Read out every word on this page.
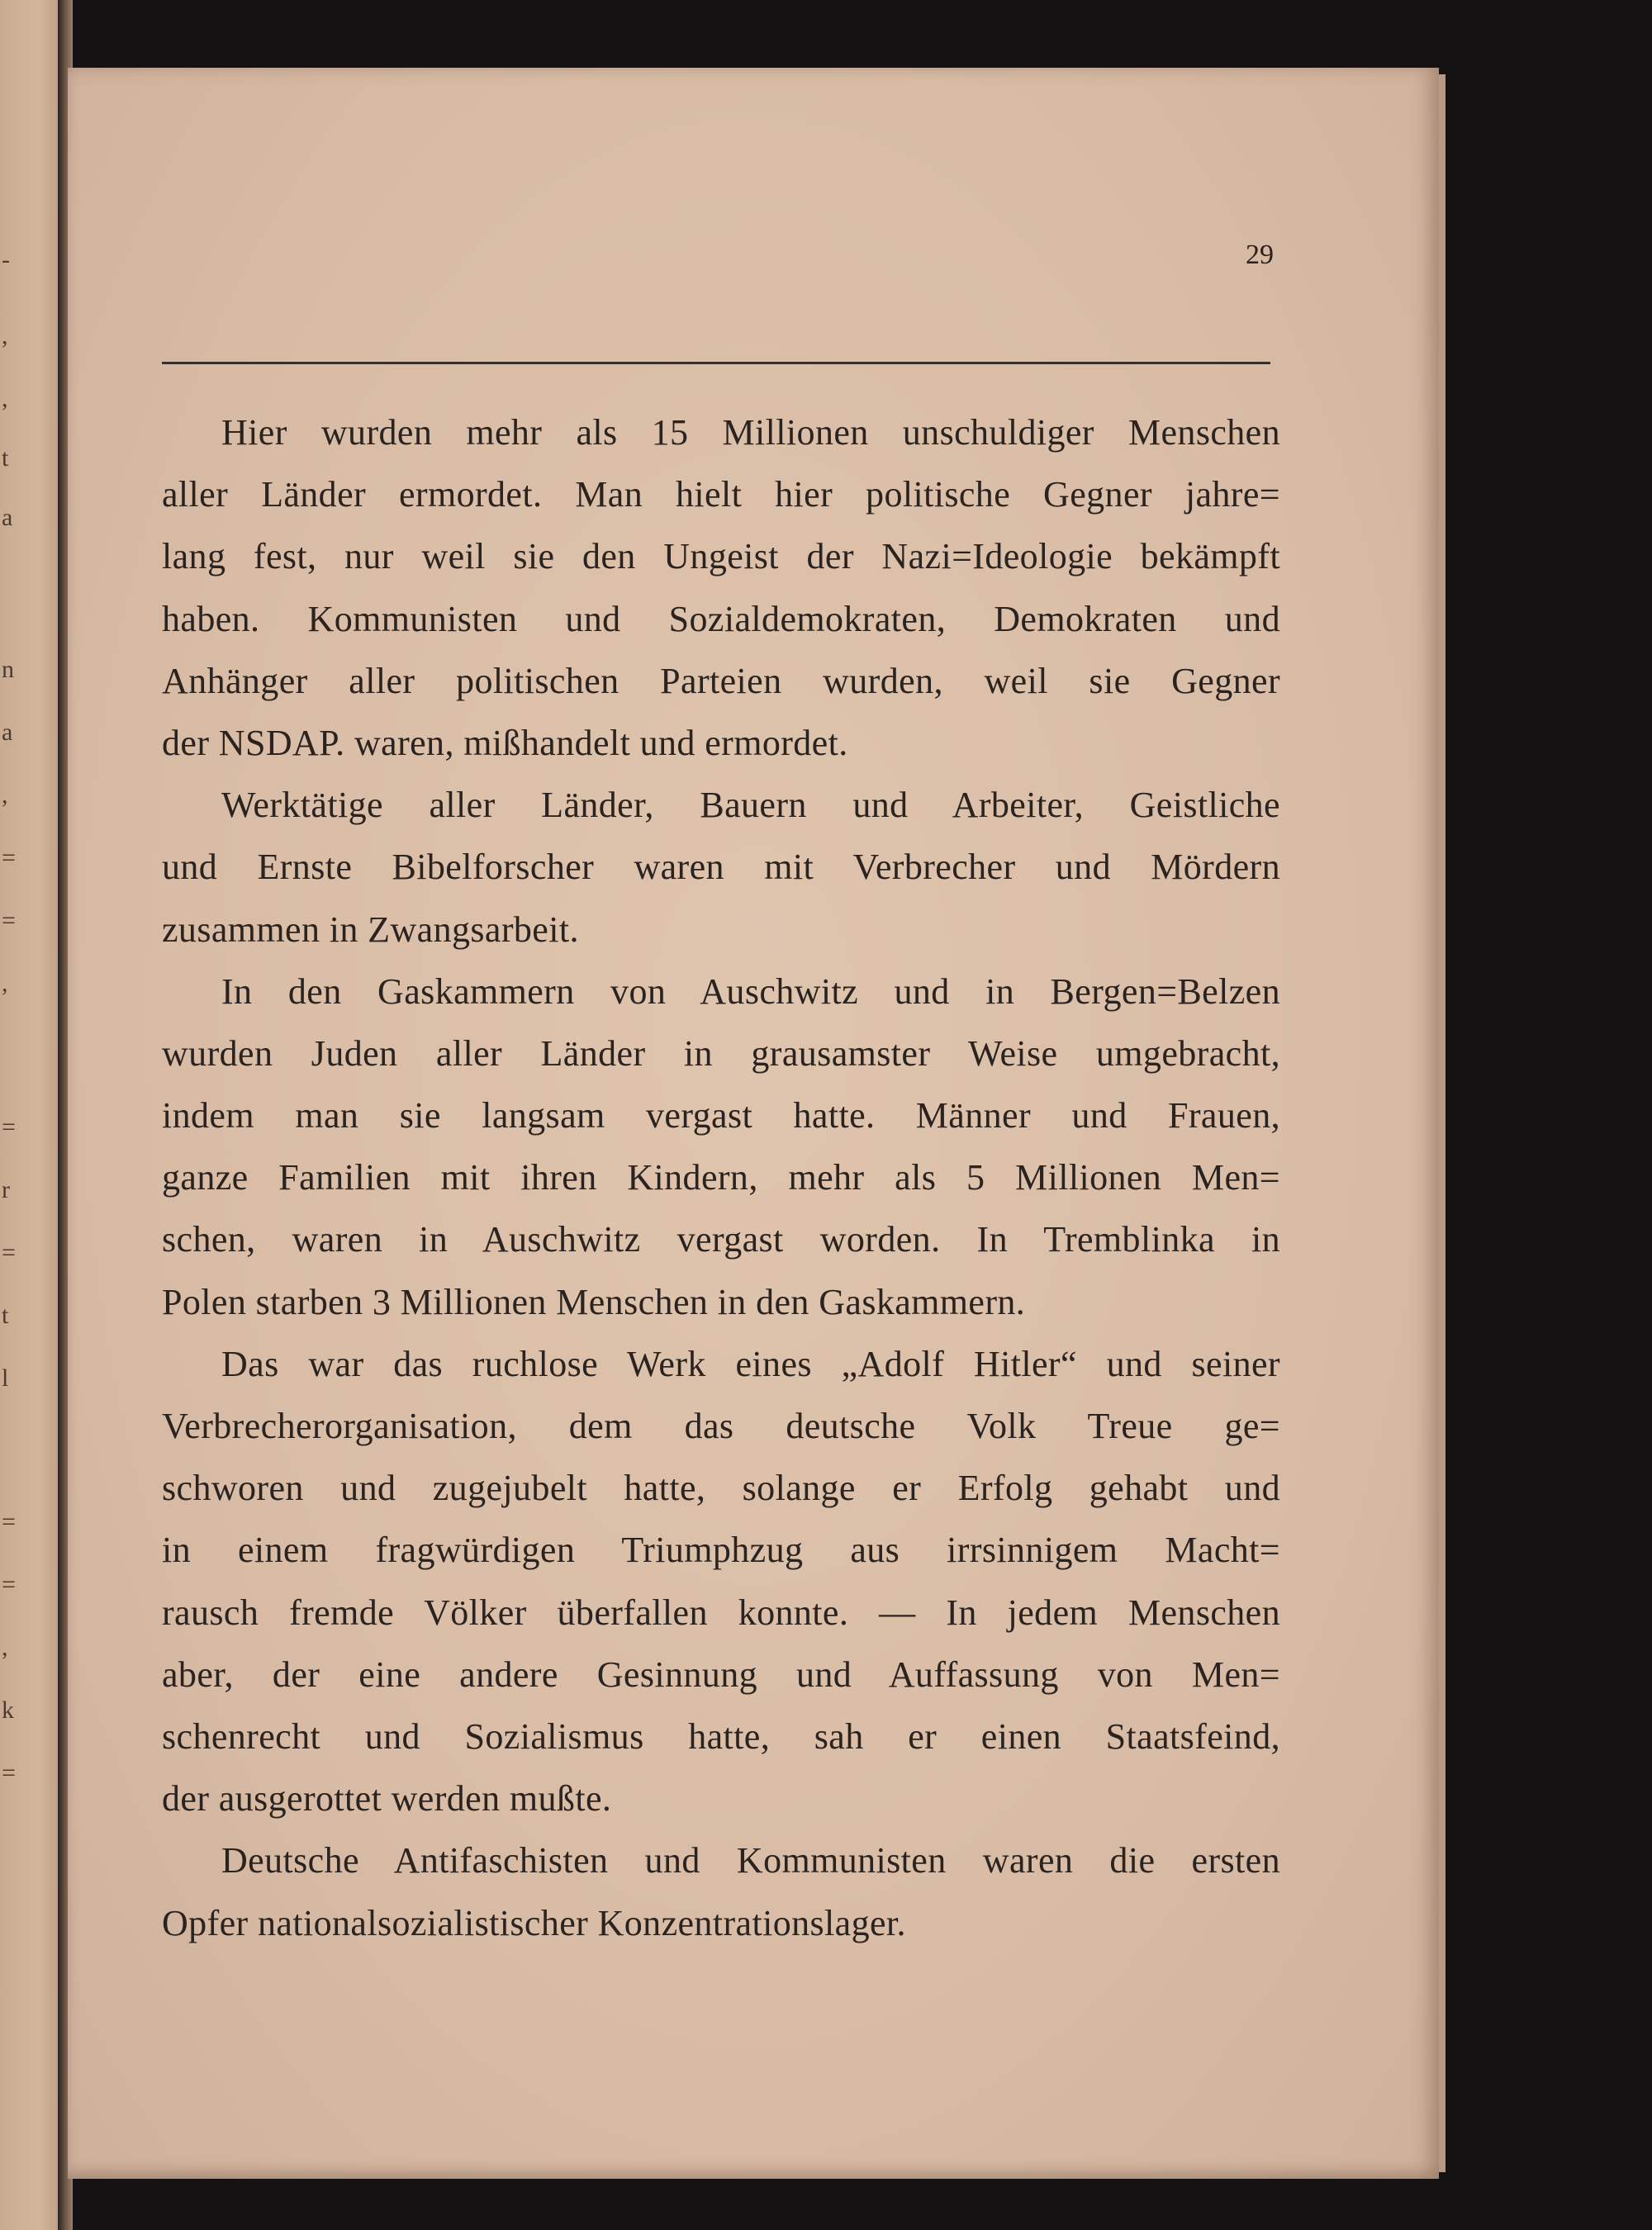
-
,
,
t
a
n
a
,
=
=
,
=
r
=
t
l
=
=
,
k
=
29
Hier wurden mehr als 15 Millionen unschuldiger Menschen
aller Länder ermordet. Man hielt hier politische Gegner jahre=
lang fest, nur weil sie den Ungeist der Nazi=Ideologie bekämpft
haben. Kommunisten und Sozialdemokraten, Demokraten und
Anhänger aller politischen Parteien wurden, weil sie Gegner
der NSDAP. waren, mißhandelt und ermordet.
Werktätige aller Länder, Bauern und Arbeiter, Geistliche
und Ernste Bibelforscher waren mit Verbrecher und Mördern
zusammen in Zwangsarbeit.
In den Gaskammern von Auschwitz und in Bergen=Belzen
wurden Juden aller Länder in grausamster Weise umgebracht,
indem man sie langsam vergast hatte. Männer und Frauen,
ganze Familien mit ihren Kindern, mehr als 5 Millionen Men=
schen, waren in Auschwitz vergast worden. In Tremblinka in
Polen starben 3 Millionen Menschen in den Gaskammern.
Das war das ruchlose Werk eines „Adolf Hitler“ und seiner
Verbrecherorganisation, dem das deutsche Volk Treue ge=
schworen und zugejubelt hatte, solange er Erfolg gehabt und
in einem fragwürdigen Triumphzug aus irrsinnigem Macht=
rausch fremde Völker überfallen konnte. — In jedem Menschen
aber, der eine andere Gesinnung und Auffassung von Men=
schenrecht und Sozialismus hatte, sah er einen Staatsfeind,
der ausgerottet werden mußte.
Deutsche Antifaschisten und Kommunisten waren die ersten
Opfer nationalsozialistischer Konzentrationslager.
